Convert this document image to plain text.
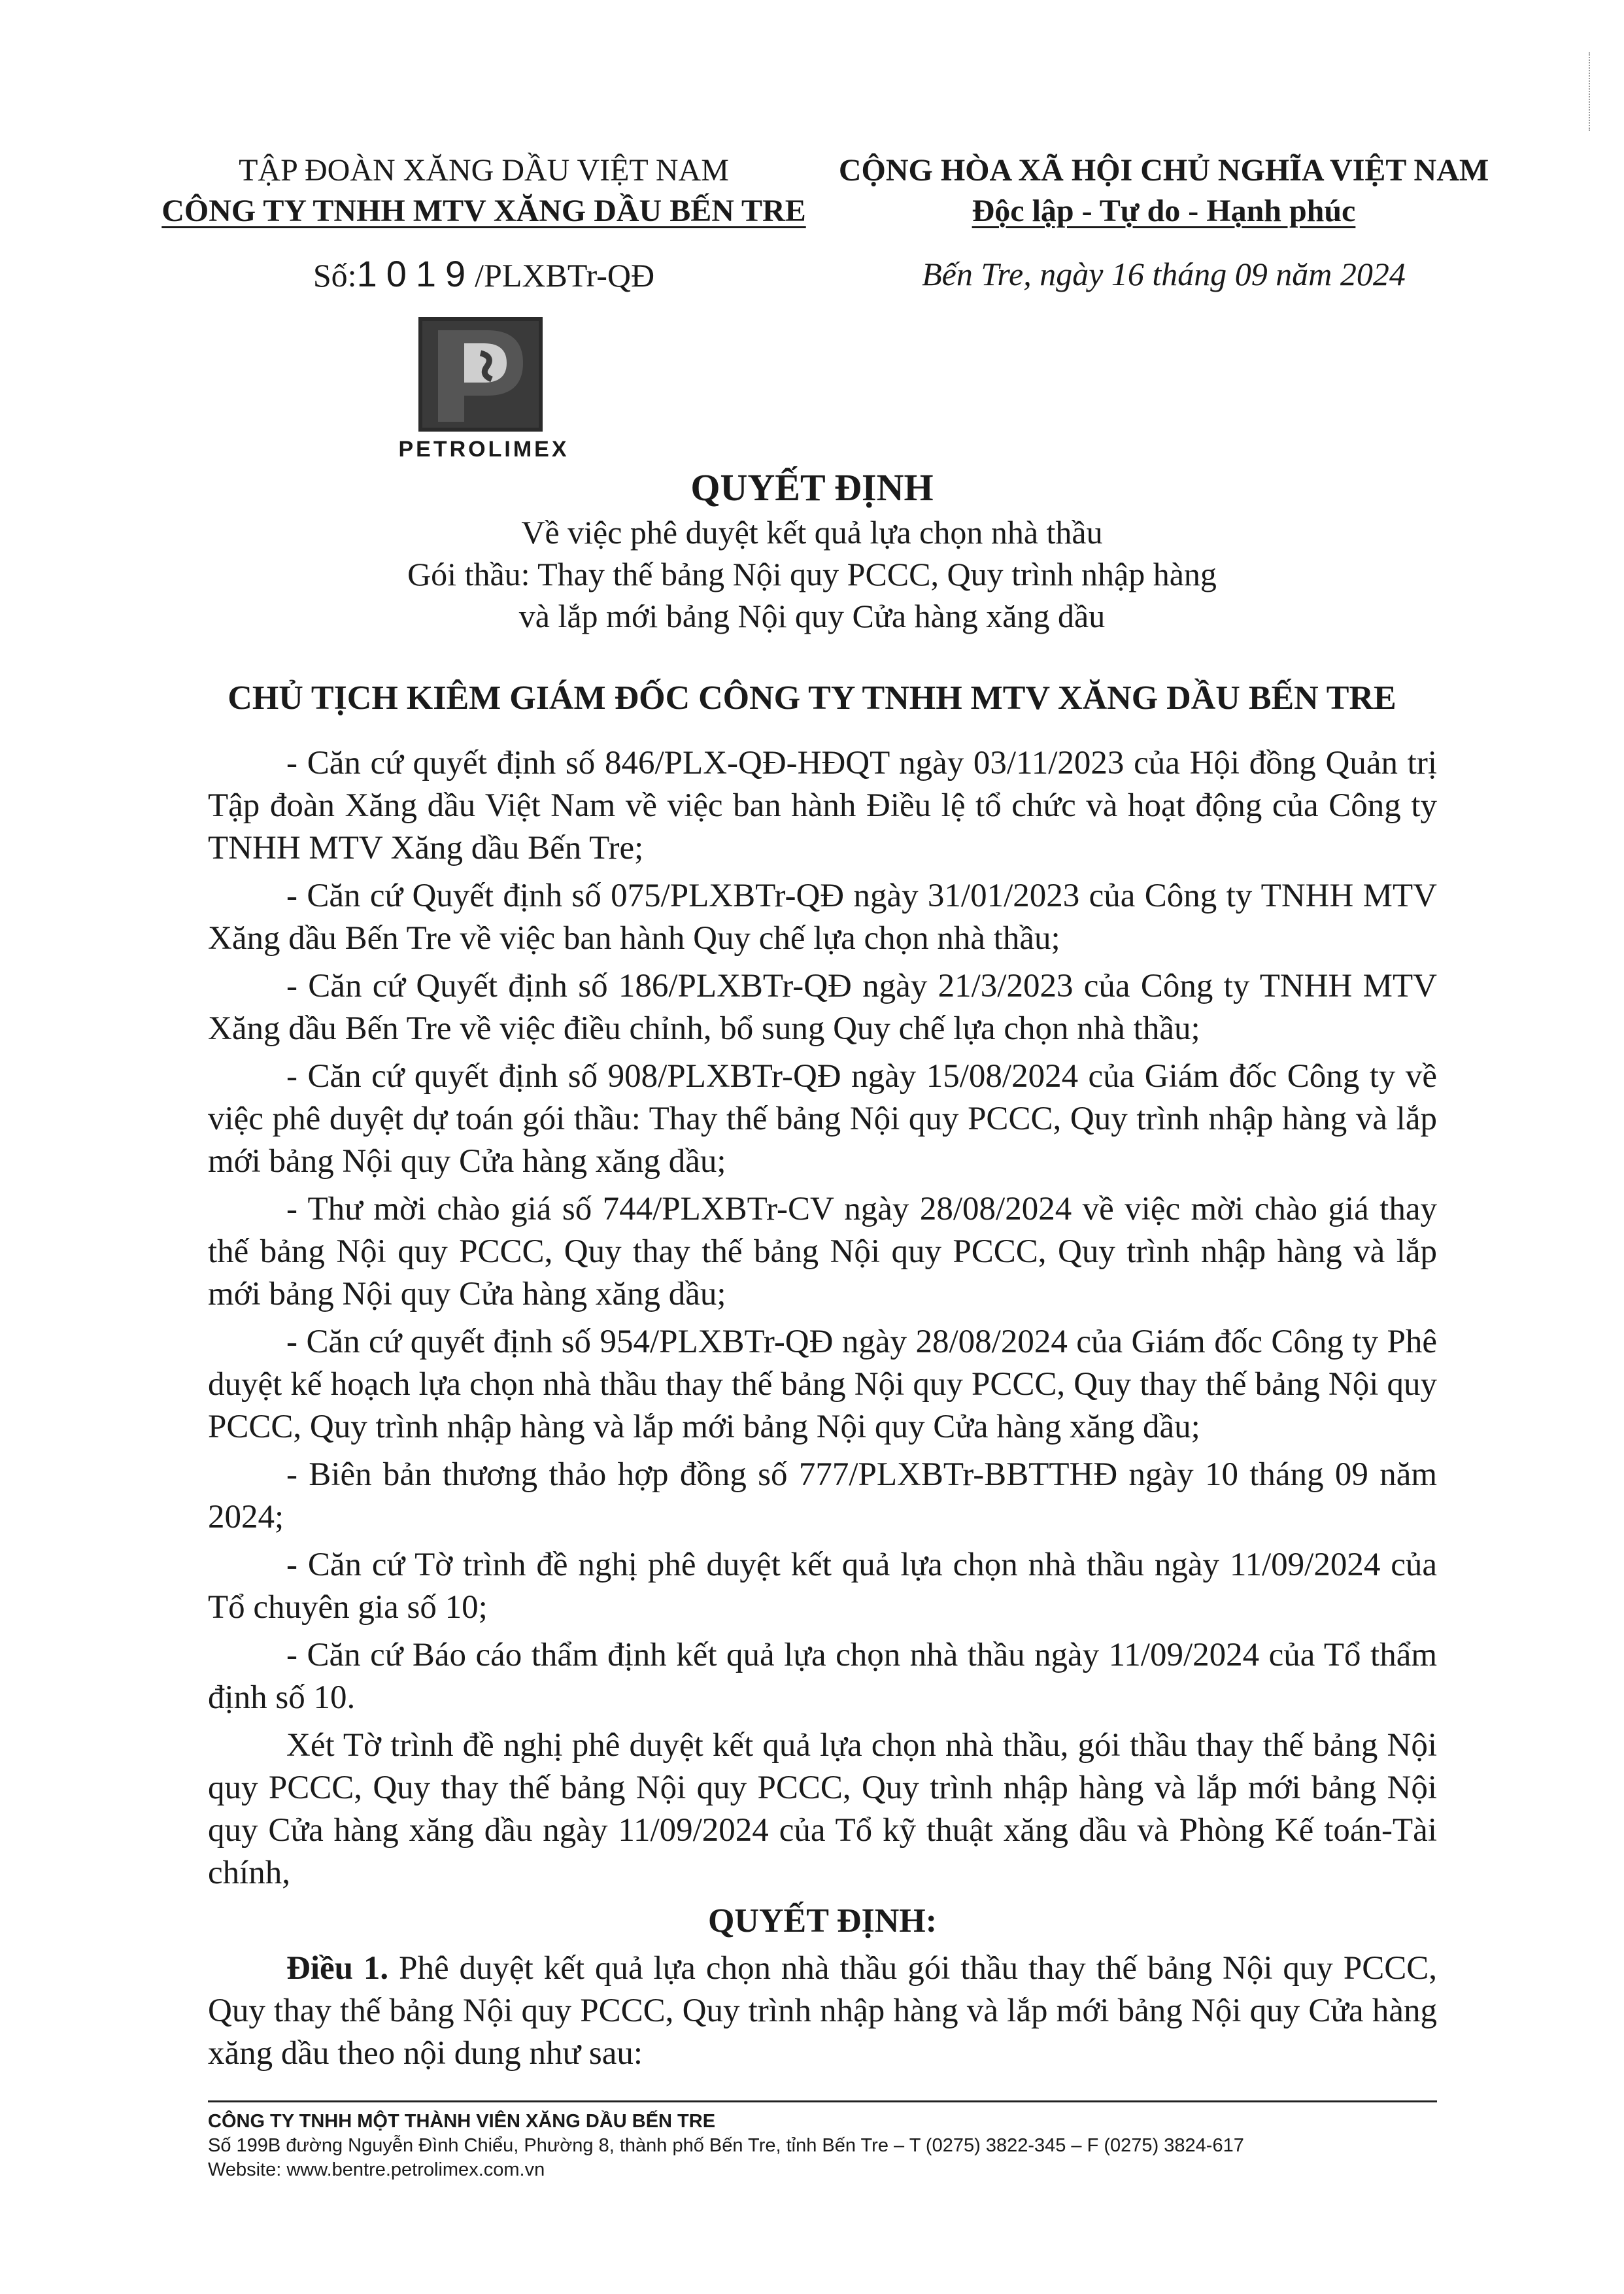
TẬP ĐOÀN XĂNG DẦU VIỆT NAM
CÔNG TY TNHH MTV XĂNG DẦU BẾN TRE
Số:1019/PLXBTr-QĐ
CỘNG HÒA XÃ HỘI CHỦ NGHĨA VIỆT NAM
Độc lập - Tự do - Hạnh phúc
Bến Tre, ngày 16 tháng 09 năm 2024
PETROLIMEX
QUYẾT ĐỊNH
Về việc phê duyệt kết quả lựa chọn nhà thầu
Gói thầu: Thay thế bảng Nội quy PCCC, Quy trình nhập hàng
và lắp mới bảng Nội quy Cửa hàng xăng dầu
CHỦ TỊCH KIÊM GIÁM ĐỐC CÔNG TY TNHH MTV XĂNG DẦU BẾN TRE

- Căn cứ quyết định số 846/PLX-QĐ-HĐQT ngày 03/11/2023 của Hội đồng Quản trị Tập đoàn Xăng dầu Việt Nam về việc ban hành Điều lệ tổ chức và hoạt động của Công ty TNHH MTV Xăng dầu Bến Tre;

- Căn cứ Quyết định số 075/PLXBTr-QĐ ngày 31/01/2023 của Công ty TNHH MTV Xăng dầu Bến Tre về việc ban hành Quy chế lựa chọn nhà thầu;

- Căn cứ Quyết định số 186/PLXBTr-QĐ ngày 21/3/2023 của Công ty TNHH MTV Xăng dầu Bến Tre về việc điều chỉnh, bổ sung Quy chế lựa chọn nhà thầu;

- Căn cứ quyết định số 908/PLXBTr-QĐ ngày 15/08/2024 của Giám đốc Công ty về việc phê duyệt dự toán gói thầu: Thay thế bảng Nội quy PCCC, Quy trình nhập hàng và lắp mới bảng Nội quy Cửa hàng xăng dầu;

- Thư mời chào giá số 744/PLXBTr-CV ngày 28/08/2024 về việc mời chào giá thay thế bảng Nội quy PCCC, Quy thay thế bảng Nội quy PCCC, Quy trình nhập hàng và lắp mới bảng Nội quy Cửa hàng xăng dầu;

- Căn cứ quyết định số 954/PLXBTr-QĐ ngày 28/08/2024 của Giám đốc Công ty Phê duyệt kế hoạch lựa chọn nhà thầu thay thế bảng Nội quy PCCC, Quy thay thế bảng Nội quy PCCC, Quy trình nhập hàng và lắp mới bảng Nội quy Cửa hàng xăng dầu;

- Biên bản thương thảo hợp đồng số 777/PLXBTr-BBTTHĐ ngày 10 tháng 09 năm 2024;

- Căn cứ Tờ trình đề nghị phê duyệt kết quả lựa chọn nhà thầu ngày 11/09/2024 của Tổ chuyên gia số 10;

- Căn cứ Báo cáo thẩm định kết quả lựa chọn nhà thầu ngày 11/09/2024 của Tổ thẩm định số 10.

Xét Tờ trình đề nghị phê duyệt kết quả lựa chọn nhà thầu, gói thầu thay thế bảng Nội quy PCCC, Quy thay thế bảng Nội quy PCCC, Quy trình nhập hàng và lắp mới bảng Nội quy Cửa hàng xăng dầu ngày 11/09/2024 của Tổ kỹ thuật xăng dầu và Phòng Kế toán-Tài chính,

QUYẾT ĐỊNH:

Điều 1. Phê duyệt kết quả lựa chọn nhà thầu gói thầu thay thế bảng Nội quy PCCC, Quy thay thế bảng Nội quy PCCC, Quy trình nhập hàng và lắp mới bảng Nội quy Cửa hàng xăng dầu theo nội dung như sau:

CÔNG TY TNHH MỘT THÀNH VIÊN XĂNG DẦU BẾN TRE
Số 199B đường Nguyễn Đình Chiểu, Phường 8, thành phố Bến Tre, tỉnh Bến Tre – T (0275) 3822-345 – F (0275) 3824-617
Website: www.bentre.petrolimex.com.vn
